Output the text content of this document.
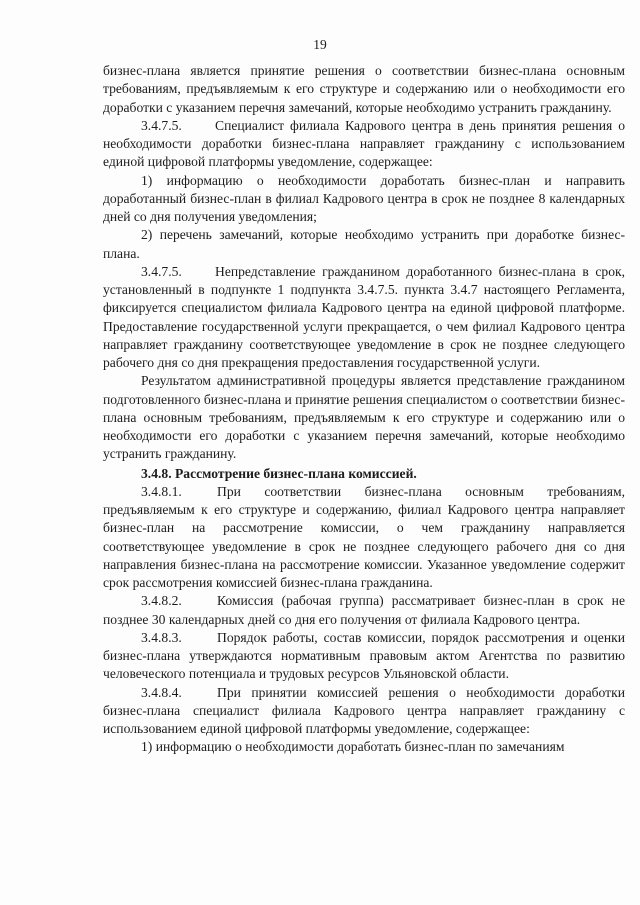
19

бизнес-плана является принятие решения о соответствии бизнес-плана основным требованиям, предъявляемым к его структуре и содержанию или о необходимости его доработки с указанием перечня замечаний, которые необходимо устранить гражданину.

3.4.7.5. Специалист филиала Кадрового центра в день принятия решения о необходимости доработки бизнес-плана направляет гражданину с использованием единой цифровой платформы уведомление, содержащее:

1) информацию о необходимости доработать бизнес-план и направить доработанный бизнес-план в филиал Кадрового центра в срок не позднее 8 календарных дней со дня получения уведомления;

2) перечень замечаний, которые необходимо устранить при доработке бизнес-плана.

3.4.7.5. Непредставление гражданином доработанного бизнес-плана в срок, установленный в подпункте 1 подпункта 3.4.7.5. пункта 3.4.7 настоящего Регламента, фиксируется специалистом филиала Кадрового центра на единой цифровой платформе. Предоставление государственной услуги прекращается, о чем филиал Кадрового центра направляет гражданину соответствующее уведомление в срок не позднее следующего рабочего дня со дня прекращения предоставления государственной услуги.

Результатом административной процедуры является представление гражданином подготовленного бизнес-плана и принятие решения специалистом о соответствии бизнес-плана основным требованиям, предъявляемым к его структуре и содержанию или о необходимости его доработки с указанием перечня замечаний, которые необходимо устранить гражданину.

3.4.8. Рассмотрение бизнес-плана комиссией.

3.4.8.1.	При соответствии бизнес-плана основным требованиям, предъявляемым к его структуре и содержанию, филиал Кадрового центра направляет бизнес-план на рассмотрение комиссии, о чем гражданину направляется соответствующее уведомление в срок не позднее следующего рабочего дня со дня направления бизнес-плана на рассмотрение комиссии. Указанное уведомление содержит срок рассмотрения комиссией бизнес-плана гражданина.

3.4.8.2.	Комиссия (рабочая группа) рассматривает бизнес-план в срок не позднее 30 календарных дней со дня его получения от филиала Кадрового центра.

3.4.8.3.	Порядок работы, состав комиссии, порядок рассмотрения и оценки бизнес-плана утверждаются нормативным правовым актом Агентства по развитию человеческого потенциала и трудовых ресурсов Ульяновской области.

3.4.8.4.	При принятии комиссией решения о необходимости доработки бизнес-плана специалист филиала Кадрового центра направляет гражданину с использованием единой цифровой платформы уведомление, содержащее:

1) информацию о необходимости доработать бизнес-план по замечаниям
